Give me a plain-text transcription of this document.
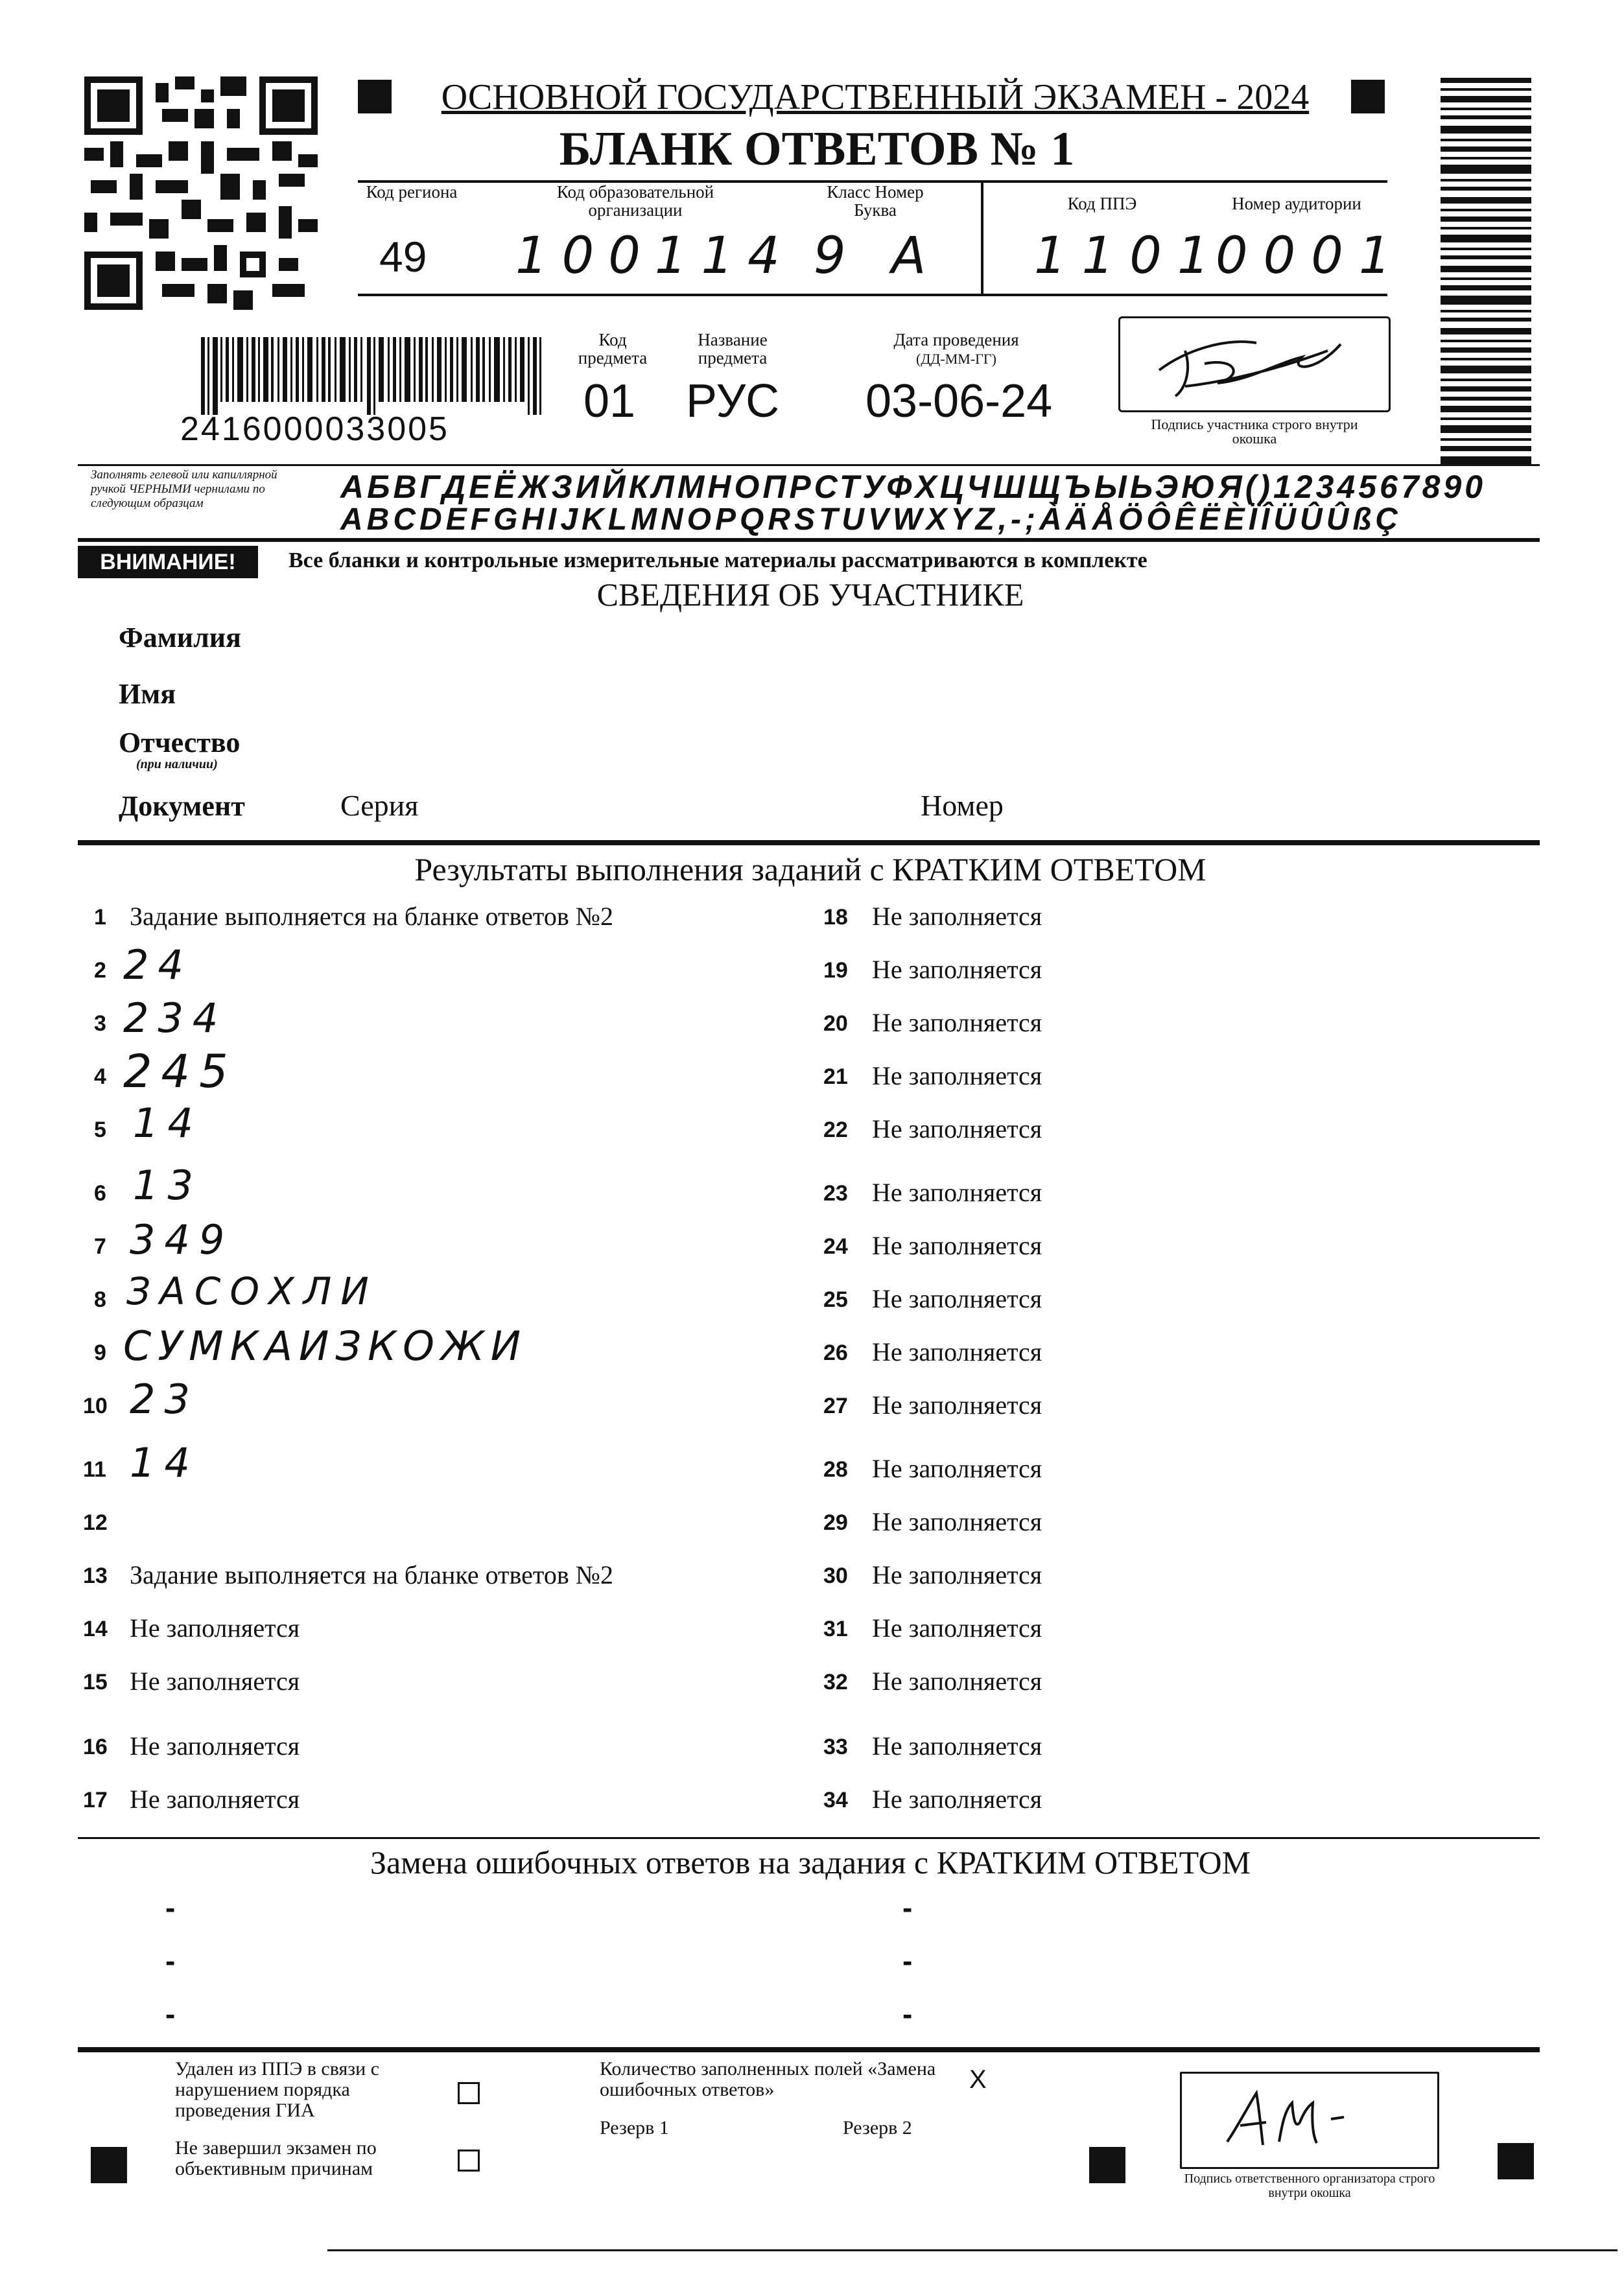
ОСНОВНОЙ ГОСУДАРСТВЕННЫЙ ЭКЗАМЕН - 2024
БЛАНК ОТВЕТОВ № 1
Код региона
49
Код образовательной организации
100114
Класс Номер Буква
9 А
Код ППЭ
1101
Номер аудитории
0001
2416000033005
Код предмета
01
Название предмета
РУС
Дата проведения
(ДД-ММ-ГГ)
03-06-24	Подпись участника строго внутри окошка
Заполнять гелевой или капиллярной ручкой ЧЕРНЫМИ чернилами по следующим образцам	АБВГДЕЁЖЗИЙКЛМНОПРСТУФХЦЧШЩЪЫЬЭЮЯ()1234567890
ABCDEFGHIJKLMNOPQRSTUVWXYZ,-;ÀÄÅÖÔÊËÈÏÎÜÛÛßÇ
ВНИМАНИЕ!	Все бланки и контрольные измерительные материалы рассматриваются в комплекте
СВЕДЕНИЯ ОБ УЧАСТНИКЕ
Фамилия
Имя
Отчество
(при наличии)
Документ	Серия	Номер
Результаты выполнения заданий с КРАТКИМ ОТВЕТОМ
1 Задание выполняется на бланке ответов №2
2 24
3 234
4 245
5 14
6 13
7 349
8 ЗАСОХЛИ
9 СУМКАИЗКОЖИ
10 23
11 14
12
13 Задание выполняется на бланке ответов №2
14 Не заполняется
15 Не заполняется
16 Не заполняется
17 Не заполняется
18 Не заполняется
19 Не заполняется
20 Не заполняется
21 Не заполняется
22 Не заполняется
23 Не заполняется
24 Не заполняется
25 Не заполняется
26 Не заполняется
27 Не заполняется
28 Не заполняется
29 Не заполняется
30 Не заполняется
31 Не заполняется
32 Не заполняется
33 Не заполняется
34 Не заполняется
Замена ошибочных ответов на задания с КРАТКИМ ОТВЕТОМ
-
-
-
-
-
-
Удален из ППЭ в связи с нарушением порядка проведения ГИА
Не завершил экзамен по объективным причинам
Количество заполненных полей «Замена ошибочных ответов»	Х
Резерв 1	Резерв 2
Подпись ответственного организатора строго внутри окошка
